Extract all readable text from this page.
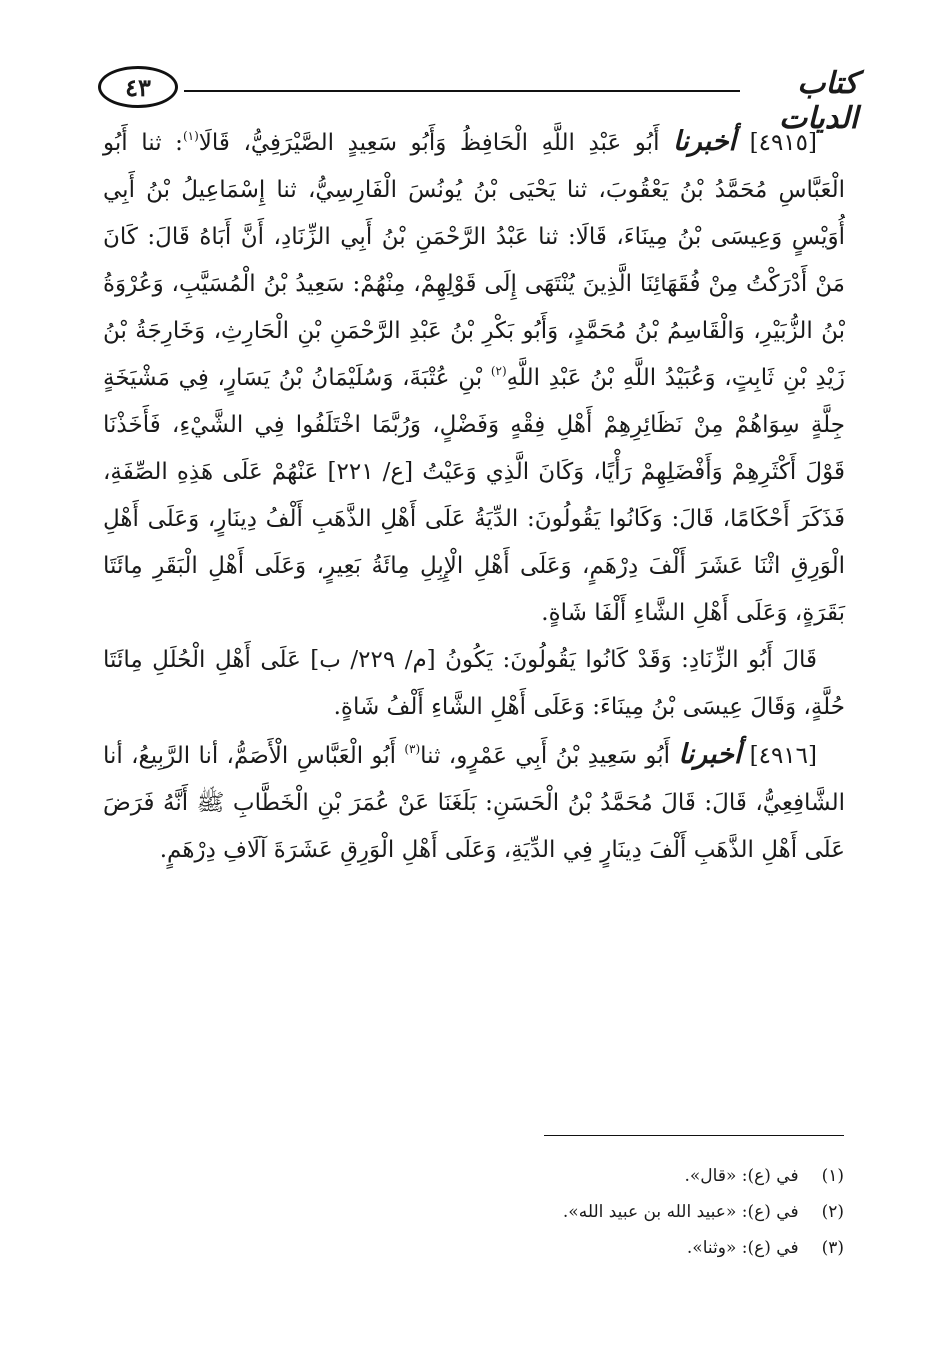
٤٣	كتاب الديات

[٤٩١٥] أخبرنا أَبُو عَبْدِ اللَّهِ الْحَافِظُ وَأَبُو سَعِيدٍ الصَّيْرَفِيُّ، قَالَا$^{(١)}$: ثنا أَبُو الْعَبَّاسِ مُحَمَّدُ بْنُ يَعْقُوبَ، ثنا يَحْيَى بْنُ يُونُسَ الْفَارِسِيُّ، ثنا إِسْمَاعِيلُ بْنُ أَبِي أُوَيْسٍ وَعِيسَى بْنُ مِينَاءَ، قَالَا: ثنا عَبْدُ الرَّحْمَنِ بْنُ أَبِي الزِّنَادِ، أَنَّ أَبَاهُ قَالَ: كَانَ مَنْ أَدْرَكْتُ مِنْ فُقَهَائِنَا الَّذِينَ يُنْتَهَى إِلَى قَوْلِهِمْ، مِنْهُمْ: سَعِيدُ بْنُ الْمُسَيَّبِ، وَعُرْوَةُ بْنُ الزُّبَيْرِ، وَالْقَاسِمُ بْنُ مُحَمَّدٍ، وَأَبُو بَكْرِ بْنُ عَبْدِ الرَّحْمَنِ بْنِ الْحَارِثِ، وَخَارِجَةُ بْنُ زَيْدِ بْنِ ثَابِتٍ، وَعُبَيْدُ اللَّهِ بْنُ عَبْدِ اللَّهِ$^{(٢)}$ بْنِ عُتْبَةَ، وَسُلَيْمَانُ بْنُ يَسَارٍ، فِي مَشْيَخَةٍ جِلَّةٍ سِوَاهُمْ مِنْ نَظَائِرِهِمْ أَهْلِ فِقْهٍ وَفَضْلٍ، وَرُبَّمَا اخْتَلَفُوا فِي الشَّيْءِ، فَأَخَذْنَا قَوْلَ أَكْثَرِهِمْ وَأَفْضَلِهِمْ رَأْيًا، وَكَانَ الَّذِي وَعَيْتُ [ع/ ٢٢١] عَنْهُمْ عَلَى هَذِهِ الصِّفَةِ، فَذَكَرَ أَحْكَامًا، قَالَ: وَكَانُوا يَقُولُونَ: الدِّيَةُ عَلَى أَهْلِ الذَّهَبِ أَلْفُ دِينَارٍ، وَعَلَى أَهْلِ الْوَرِقِ اثْنَا عَشَرَ أَلْفَ دِرْهَمٍ، وَعَلَى أَهْلِ الْإِبِلِ مِائَةُ بَعِيرٍ، وَعَلَى أَهْلِ الْبَقَرِ مِائَتَا بَقَرَةٍ، وَعَلَى أَهْلِ الشَّاءِ أَلْفَا شَاةٍ.

قَالَ أَبُو الزِّنَادِ: وَقَدْ كَانُوا يَقُولُونَ: يَكُونُ [م/ ٢٢٩/ ب] عَلَى أَهْلِ الْحُلَلِ مِائَتَا حُلَّةٍ، وَقَالَ عِيسَى بْنُ مِينَاءَ: وَعَلَى أَهْلِ الشَّاءِ أَلْفُ شَاةٍ.

[٤٩١٦] أخبرنا أَبُو سَعِيدِ بْنُ أَبِي عَمْرٍو، ثنا$^{(٣)}$ أَبُو الْعَبَّاسِ الْأَصَمُّ، أنا الرَّبِيعُ، أنا الشَّافِعِيُّ، قَالَ: قَالَ مُحَمَّدُ بْنُ الْحَسَنِ: بَلَغَنَا عَنْ عُمَرَ بْنِ الْخَطَّابِ ﷺ أَنَّهُ فَرَضَ عَلَى أَهْلِ الذَّهَبِ أَلْفَ دِينَارٍ فِي الدِّيَةِ، وَعَلَى أَهْلِ الْوَرِقِ عَشَرَةَ آلَافِ دِرْهَمٍ.

(١) في (ع): «قال».
(٢) في (ع): «عبيد الله بن عبيد الله».
(٣) في (ع): «وثنا».
